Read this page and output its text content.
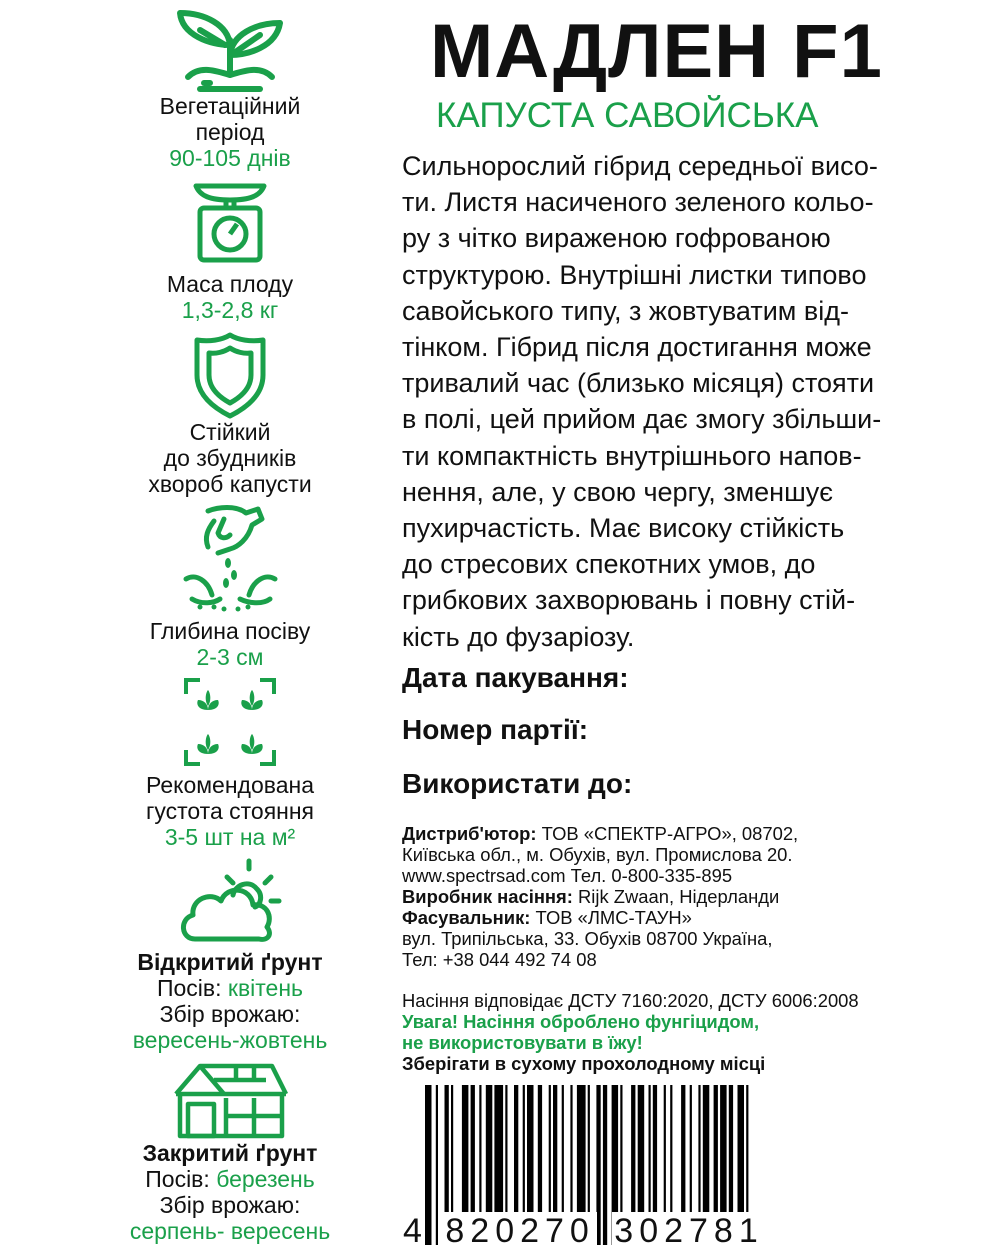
МАДЛЕН F1
КАПУСТА САВОЙСЬКА
Сильнорослий гібрид середньої висо-
ти. Листя насиченого зеленого кольо-
ру з чітко вираженою гофрованою
структурою. Внутрішні листки типово
савойського типу, з жовтуватим від-
тінком. Гібрид після достигання може
тривалий час (близько місяця) стояти
в полі, цей прийом дає змогу збільши-
ти компактність внутрішнього напов-
нення, але, у свою чергу, зменшує
пухирчастість. Має високу стійкість
до стресових спекотних умов, до
грибкових захворювань і повну стій-
кість до фузаріозу.
Дата пакування:
Номер партії:
Використати до:
Дистриб'ютор: ТОВ «СПЕКТР-АГРО», 08702,
Київська обл., м. Обухів, вул. Промислова 20.
www.spectrsad.com Тел. 0-800-335-895
Виробник насіння: Rijk Zwaan, Нідерланди
Фасувальник: ТОВ «ЛМС-ТАУН»
вул. Трипільська, 33. Обухів 08700 Україна,
Тел: +38 044 492 74 08
Насіння відповідає ДСТУ 7160:2020, ДСТУ 6006:2008
Увага! Насіння оброблено фунгіцидом,
не використовувати в їжу!
Зберігати в сухому прохолодному місці
4 820270 302781
Вегетаційний
період
90-105 днів
Маса плоду
1,3-2,8 кг
Стійкий
до збудників
хвороб капусти
Глибина посіву
2-3 см
Рекомендована
густота стояння
3-5 шт на м²
Відкритий ґрунт
Посів: квітень
Збір врожаю:
вересень-жовтень
Закритий ґрунт
Посів: березень
Збір врожаю:
серпень- вересень
